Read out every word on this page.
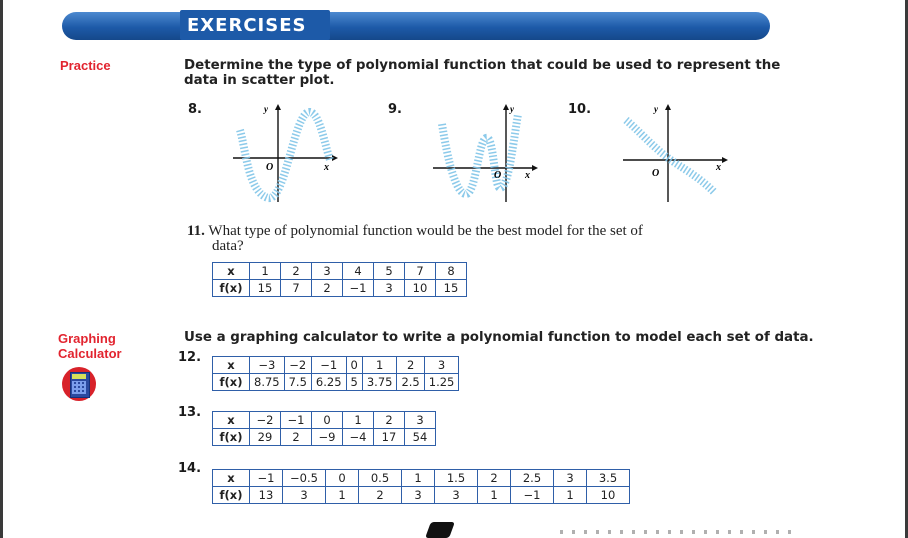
EXERCISES
Practice	Determine the type of polynomial function that could be used to represent the
data in scatter plot.
8.	9.	10.
y
x
O
y
x
O
y
x
O
11. What type of polynomial function would be the best model for the set of
data?
x	1	2	3	4	5	7	8
f(x)	15	7	2	−1	3	10	15
Graphing
Calculator
Use a graphing calculator to write a polynomial function to model each set of data.
12. x	−3	−2	−1	0	1	2	3
f(x)	8.75	7.5	6.25	5	3.75	2.5	1.25
13. x	−2	−1	0	1	2	3
f(x)	29	2	−9	−4	17	54
14.
x	−1	−0.5	0	0.5	1	1.5	2	2.5	3	3.5
f(x)	13	3	1	2	3	3	1	−1	1	10
